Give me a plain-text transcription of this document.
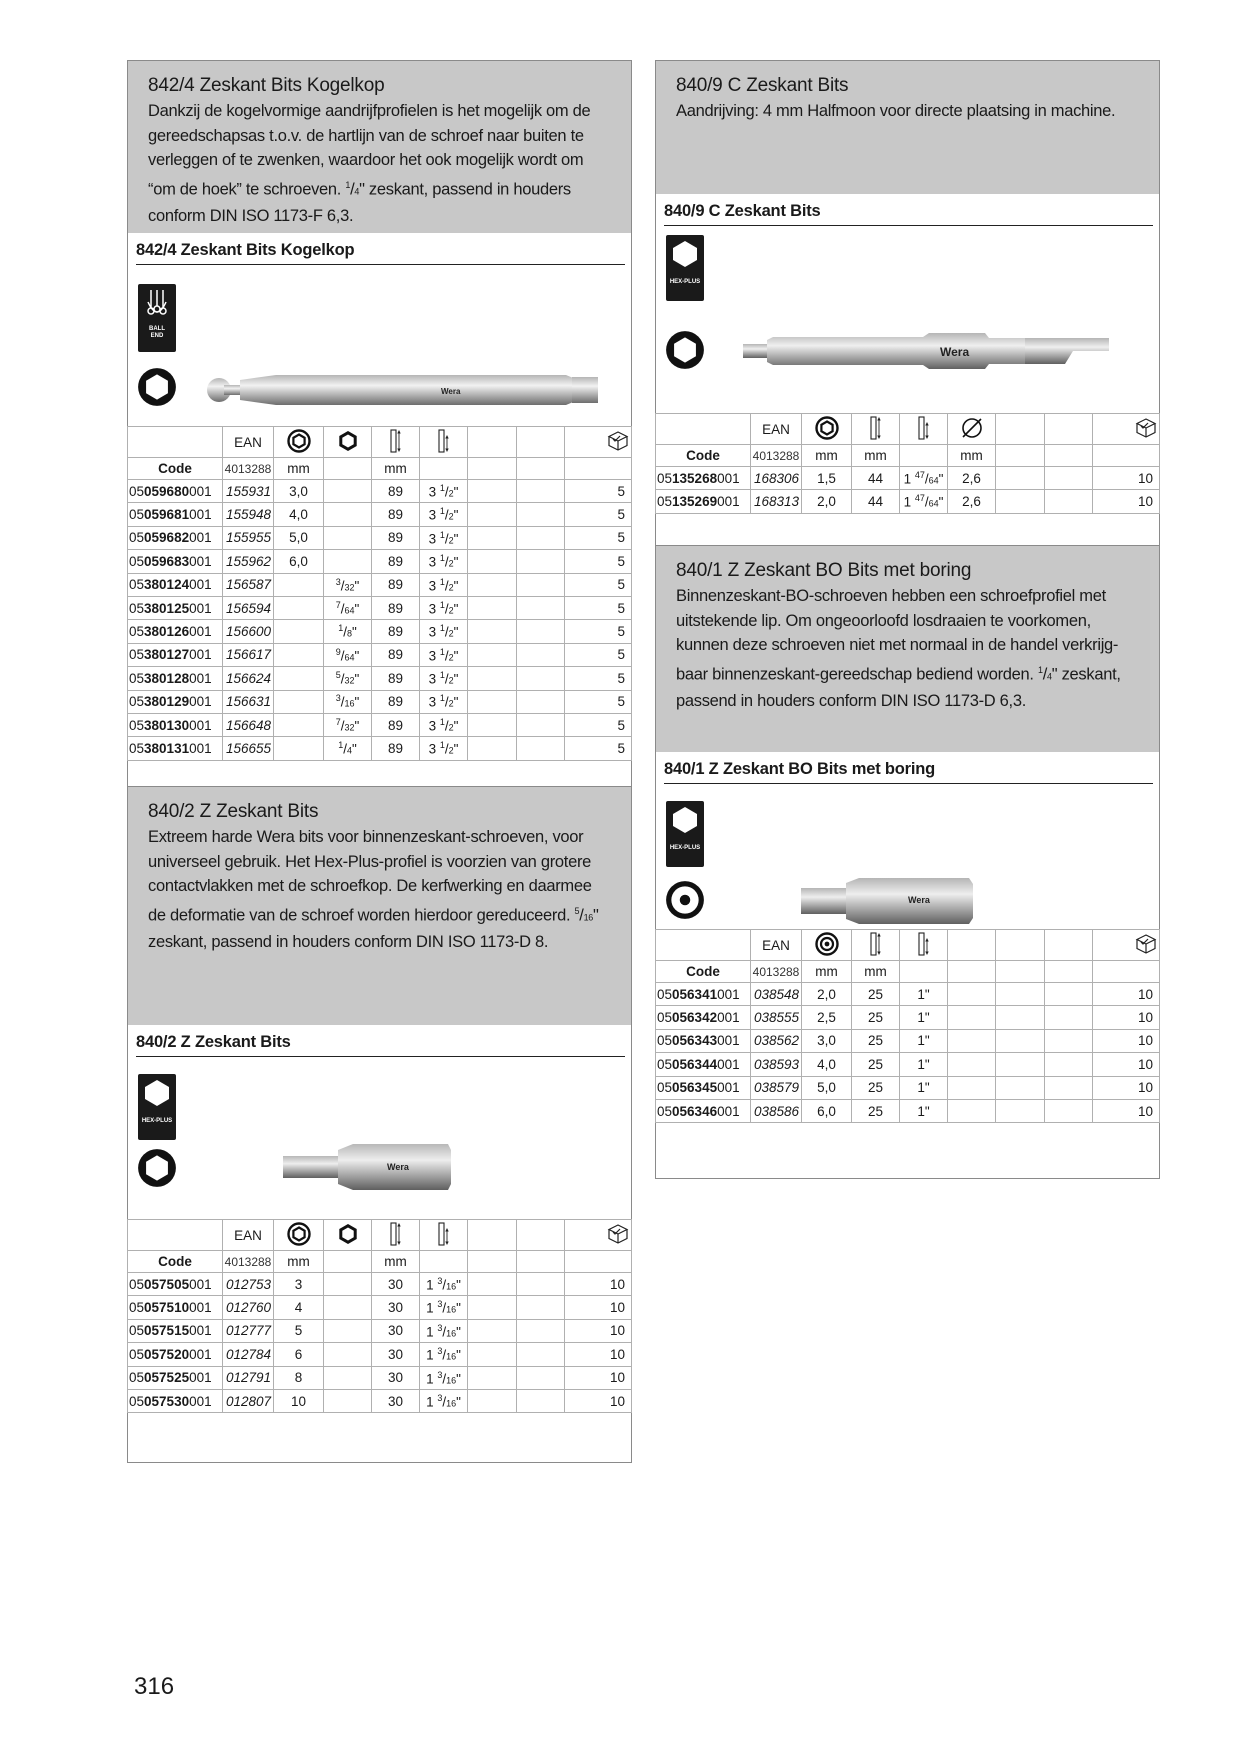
842/4 Zeskant Bits Kogelkop

Dankzij de kogelvormige aandrijfprofielen is het mogelijk om de gereedschapsas t.o.v. de hartlijn van de schroef naar buiten te verleggen of te zwenken, waardoor het ook mogelijk wordt om “om de hoek” te schroeven. $^1$/4" zeskant, passend in houders conform DIN ISO 1173-F 6,3.

842/4 Zeskant Bits Kogelkop
BALL
END
Wera
	EAN							
Code	4013288	mm		mm				
05059680001	155931	3,0		89	3 $^1$/2"			5
05059681001	155948	4,0		89	3 $^1$/2"			5
05059682001	155955	5,0		89	3 $^1$/2"			5
05059683001	155962	6,0		89	3 $^1$/2"			5
05380124001	156587		$^3$/32"	89	3 $^1$/2"			5
05380125001	156594		$^7$/64"	89	3 $^1$/2"			5
05380126001	156600		$^1$/8"	89	3 $^1$/2"			5
05380127001	156617		$^9$/64"	89	3 $^1$/2"			5
05380128001	156624		$^5$/32"	89	3 $^1$/2"			5
05380129001	156631		$^3$/16"	89	3 $^1$/2"			5
05380130001	156648		$^7$/32"	89	3 $^1$/2"			5
05380131001	156655		$^1$/4"	89	3 $^1$/2"			5
840/2 Z Zeskant Bits

Extreem harde Wera bits voor binnenzeskant-schroeven, voor universeel gebruik. Het Hex-Plus-profiel is voorzien van grotere contactvlakken met de schroefkop. De kerfwerking en daarmee de deformatie van de schroef worden hierdoor gereduceerd. $^5$/16" zeskant, passend in houders conform DIN ISO 1173-D 8.

840/2 Z Zeskant Bits
HEX-PLUS
Wera
	EAN							
Code	4013288	mm		mm				
05057505001	012753	3		30	1 $^3$/16"			10
05057510001	012760	4		30	1 $^3$/16"			10
05057515001	012777	5		30	1 $^3$/16"			10
05057520001	012784	6		30	1 $^3$/16"			10
05057525001	012791	8		30	1 $^3$/16"			10
05057530001	012807	10		30	1 $^3$/16"			10
840/9 C Zeskant Bits

Aandrijving: 4 mm Halfmoon voor directe plaatsing in machine.

840/9 C Zeskant Bits
HEX-PLUS
Wera
	EAN							
Code	4013288	mm	mm		mm			
05135268001	168306	1,5	44	1 $^{47}$/64"	2,6			10
05135269001	168313	2,0	44	1 $^{47}$/64"	2,6			10
840/1 Z Zeskant BO Bits met boring

Binnenzeskant-BO-schroeven hebben een schroefprofiel met uitstekende lip. Om ongeoorloofd losdraaien te voorkomen, kunnen deze schroeven niet met normaal in de handel verkrijg-baar binnenzeskant-gereedschap bediend worden. $^1$/4" zeskant, passend in houders conform DIN ISO 1173-D 6,3.

840/1 Z Zeskant BO Bits met boring
HEX-PLUS
Wera
	EAN							
Code	4013288	mm	mm					
05056341001	038548	2,0	25	1"				10
05056342001	038555	2,5	25	1"				10
05056343001	038562	3,0	25	1"				10
05056344001	038593	4,0	25	1"				10
05056345001	038579	5,0	25	1"				10
05056346001	038586	6,0	25	1"				10
316
